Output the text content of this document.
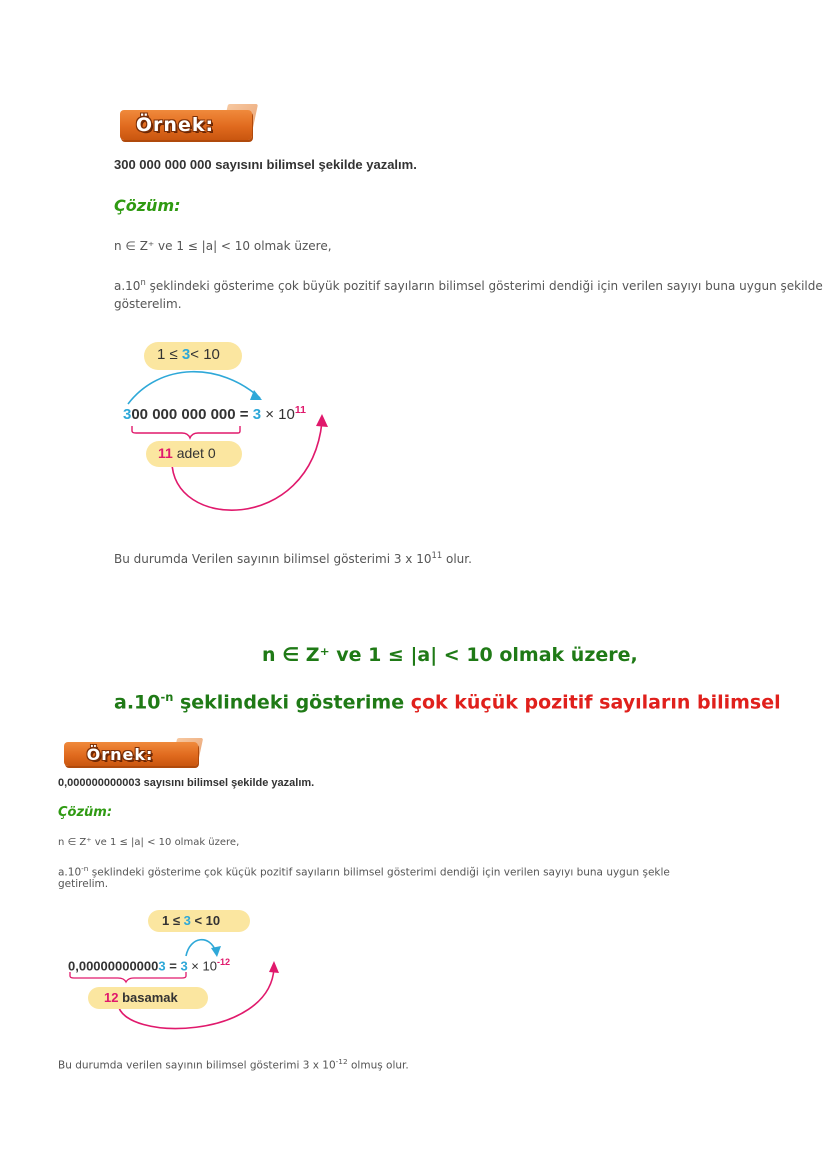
Örnek:
300 000 000 000 sayısını bilimsel şekilde yazalım.
Çözüm:
n ∈ Z⁺ ve 1 ≤ |a| < 10 olmak üzere,
a.10$^n$ şeklindeki gösterime çok büyük pozitif sayıların bilimsel gösterimi dendiği için verilen sayıyı buna uygun şekilde
gösterelim.
1 ≤ 3< 10
300 000 000 $000 = 3 \times 10^{11}$
11 adet 0
Bu durumda Verilen sayının bilimsel gösterimi 3 x $10^{11}$ olur.
n ∈ Z⁺ ve 1 ≤ |a| < 10 olmak üzere,
$a.10^{-n}$ şeklindeki gösterime çok küçük pozitif sayıların bilimsel
Örnek:
0,000000000003 sayısını bilimsel şekilde yazalım.
Çözüm:
n ∈ Z⁺ ve 1 ≤ |a| < 10 olmak üzere,
$a.10^{-n}$ şeklindeki gösterime çok küçük pozitif sayıların bilimsel gösterimi dendiği için verilen sayıyı buna uygun şekle
getirelim.
1 ≤ 3 < 10
$0,000000000003 = 3 \times 10^{-12}$
12 basamak
Bu durumda verilen sayının bilimsel gösterimi 3 x $10^{-12}$ olmuş olur.
